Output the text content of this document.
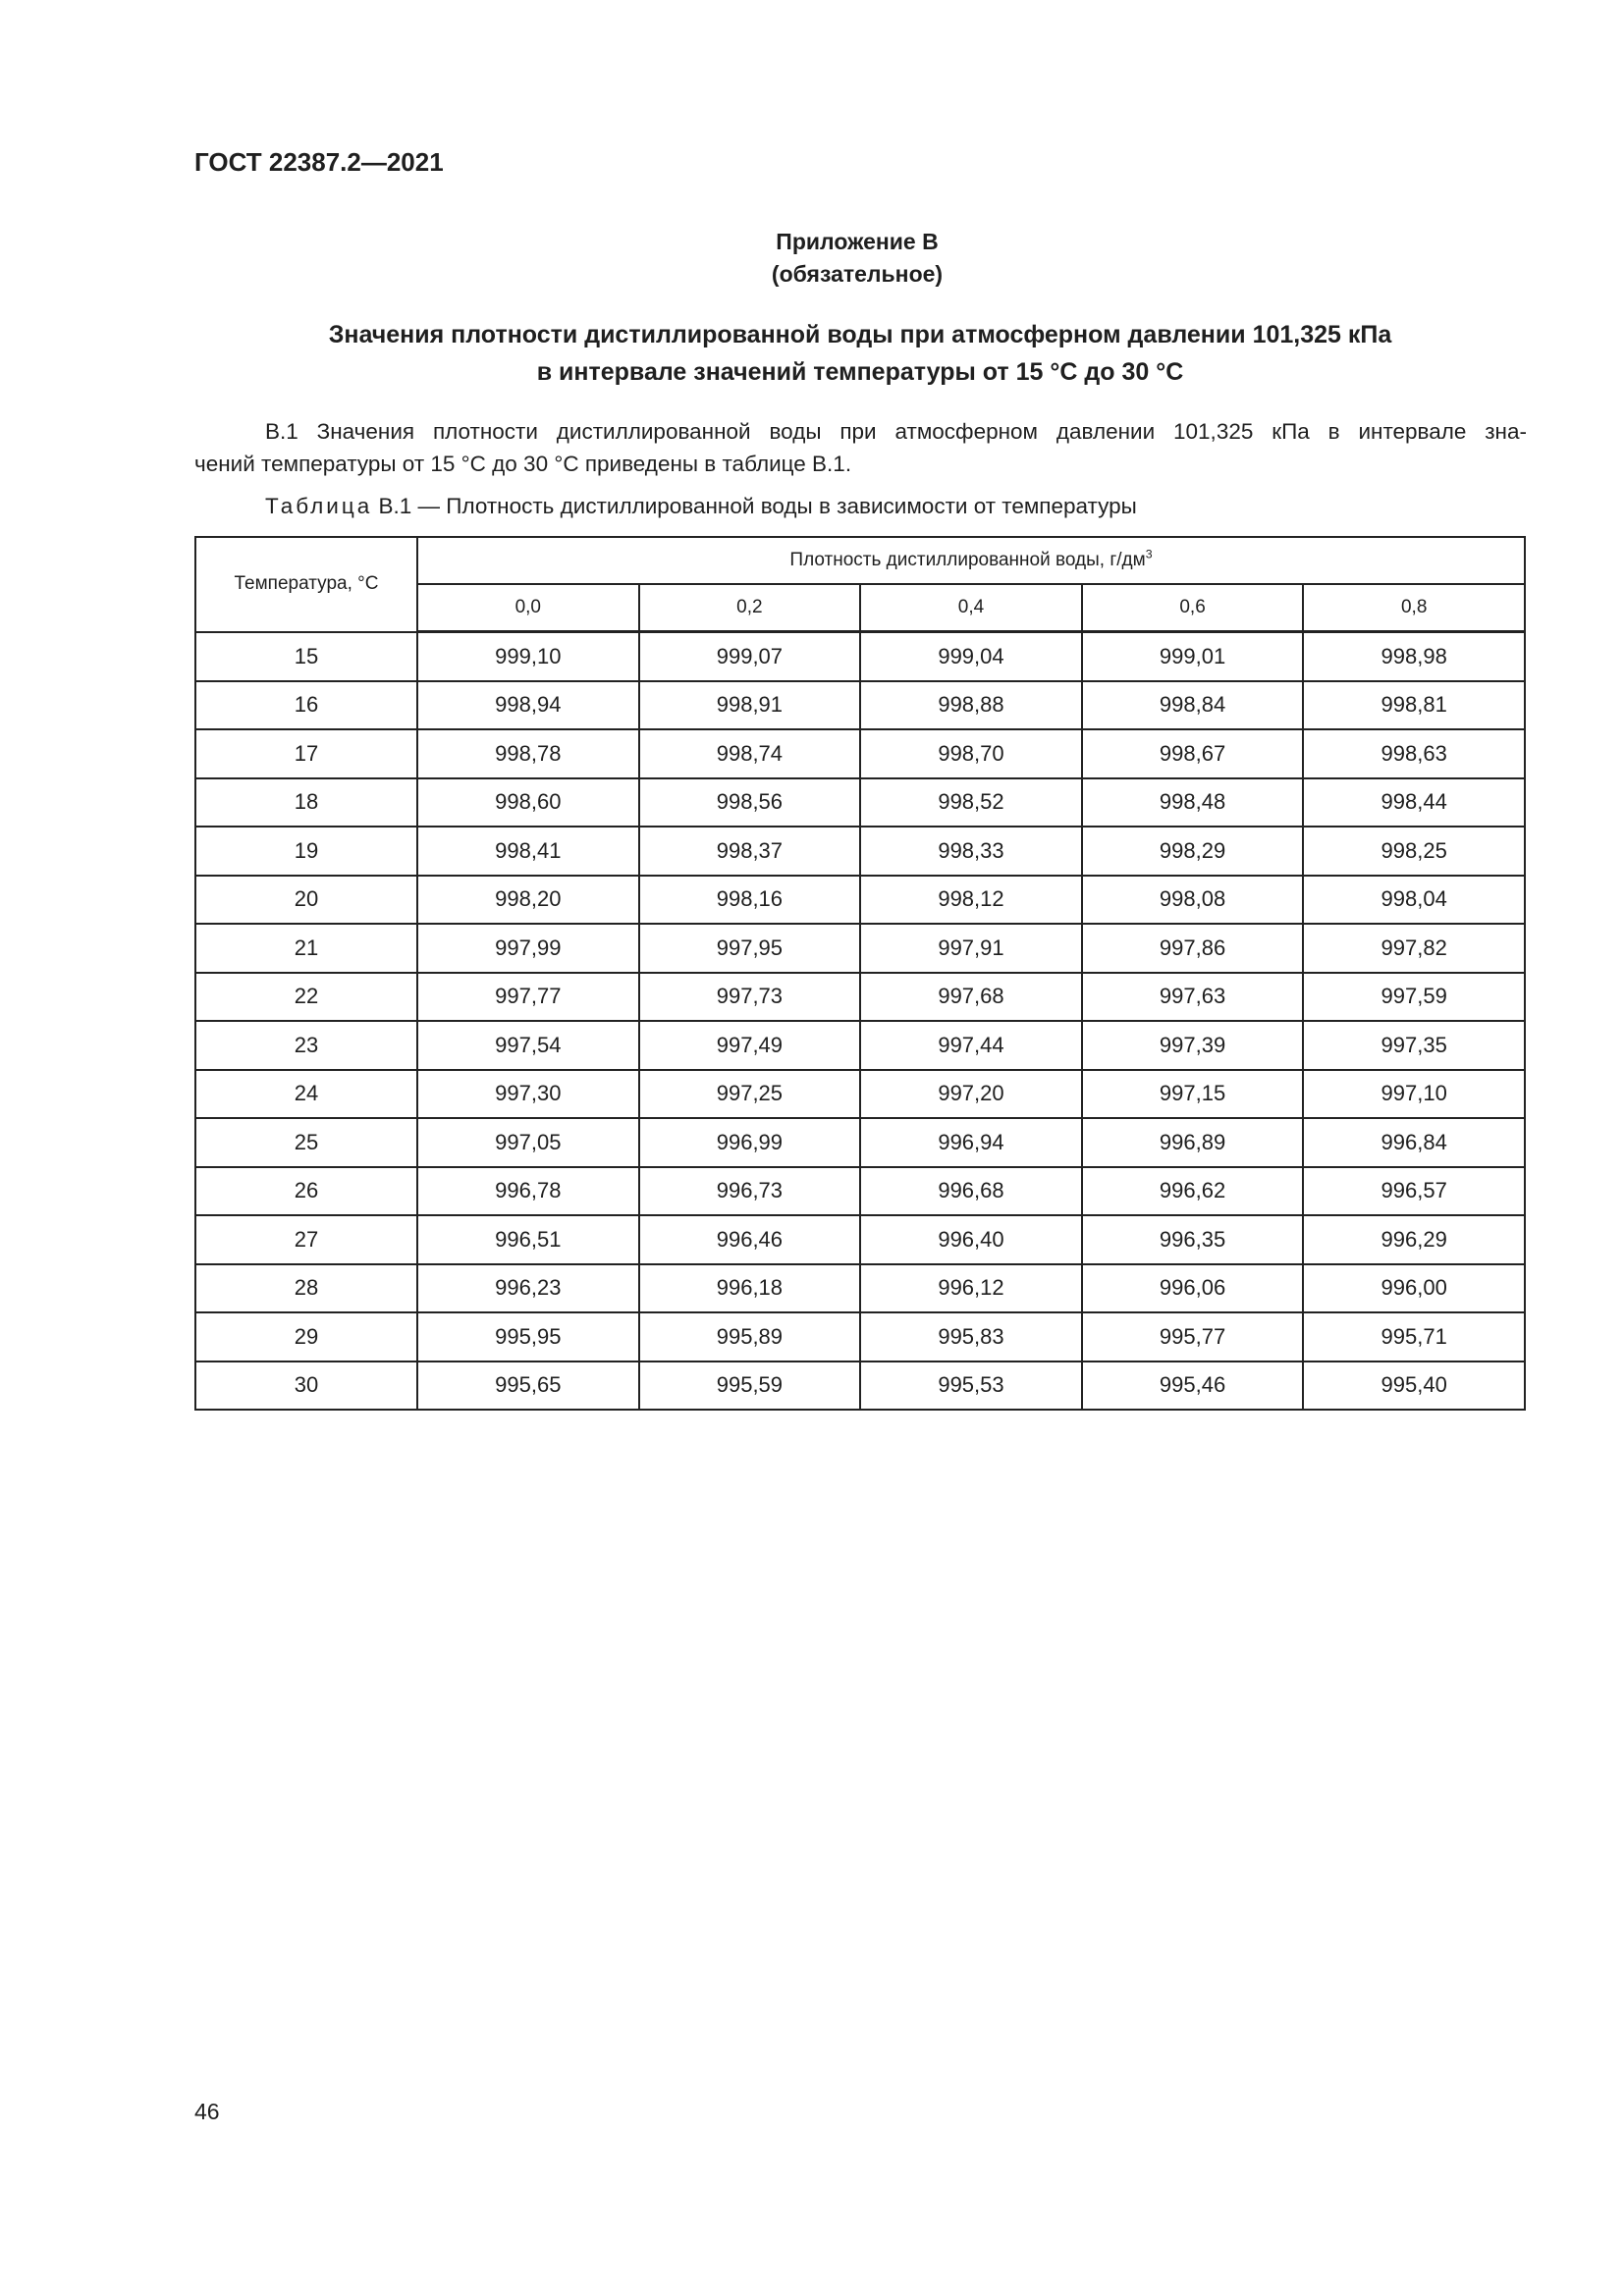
ГОСТ 22387.2—2021
Приложение В
(обязательное)
Значения плотности дистиллированной воды при атмосферном давлении 101,325 кПа
в интервале значений температуры от 15 °С до 30 °С
В.1 Значения плотности дистиллированной воды при атмосферном давлении 101,325 кПа в интервале зна-
чений температуры от 15 °С до 30 °С приведены в таблице В.1.
Таблица В.1 — Плотность дистиллированной воды в зависимости от температуры
Температура, °С	Плотность дистиллированной воды, $г/дм^3$
	0,0	0,2	0,4	0,6	0,8
15	999,10	999,07	999,04	999,01	998,98
16	998,94	998,91	998,88	998,84	998,81
17	998,78	998,74	998,70	998,67	998,63
18	998,60	998,56	998,52	998,48	998,44
19	998,41	998,37	998,33	998,29	998,25
20	998,20	998,16	998,12	998,08	998,04
21	997,99	997,95	997,91	997,86	997,82
22	997,77	997,73	997,68	997,63	997,59
23	997,54	997,49	997,44	997,39	997,35
24	997,30	997,25	997,20	997,15	997,10
25	997,05	996,99	996,94	996,89	996,84
26	996,78	996,73	996,68	996,62	996,57
27	996,51	996,46	996,40	996,35	996,29
28	996,23	996,18	996,12	996,06	996,00
29	995,95	995,89	995,83	995,77	995,71
30	995,65	995,59	995,53	995,46	995,40
46
